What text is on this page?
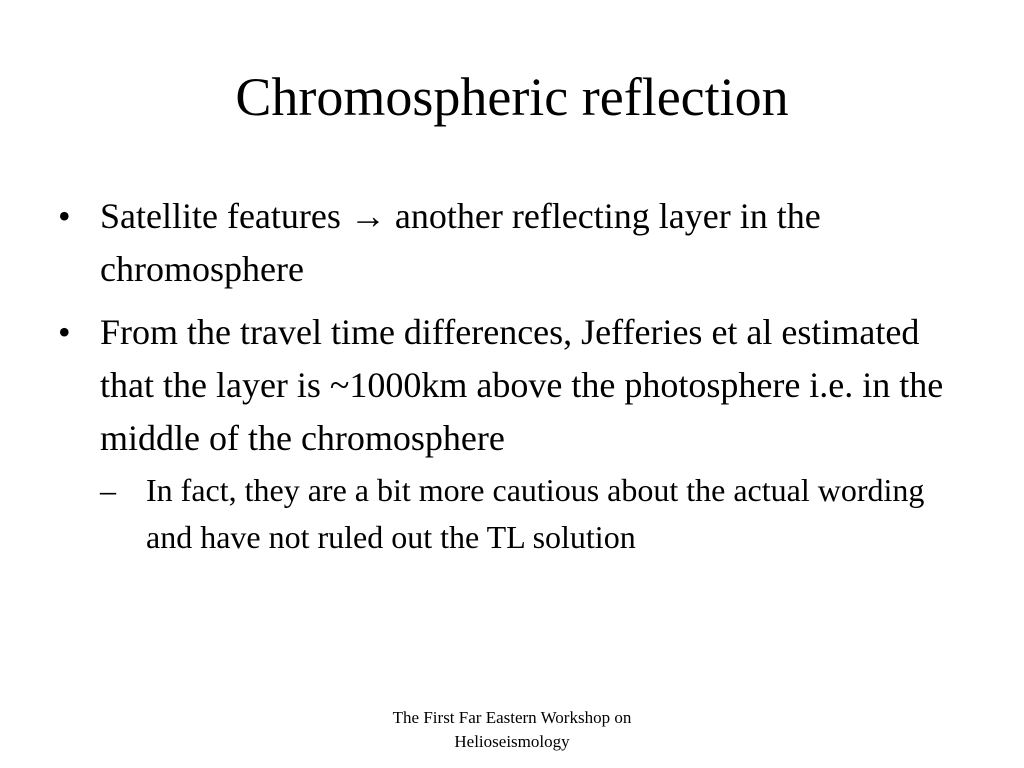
Chromospheric reflection
• Satellite features → another reflecting layer in the chromosphere
• From the travel time differences, Jefferies et al estimated that the layer is ~1000km above the photosphere i.e. in the middle of the chromosphere
– In fact, they are a bit more cautious about the actual wording and have not ruled out the TL solution
The First Far Eastern Workshop on
Helioseismology
